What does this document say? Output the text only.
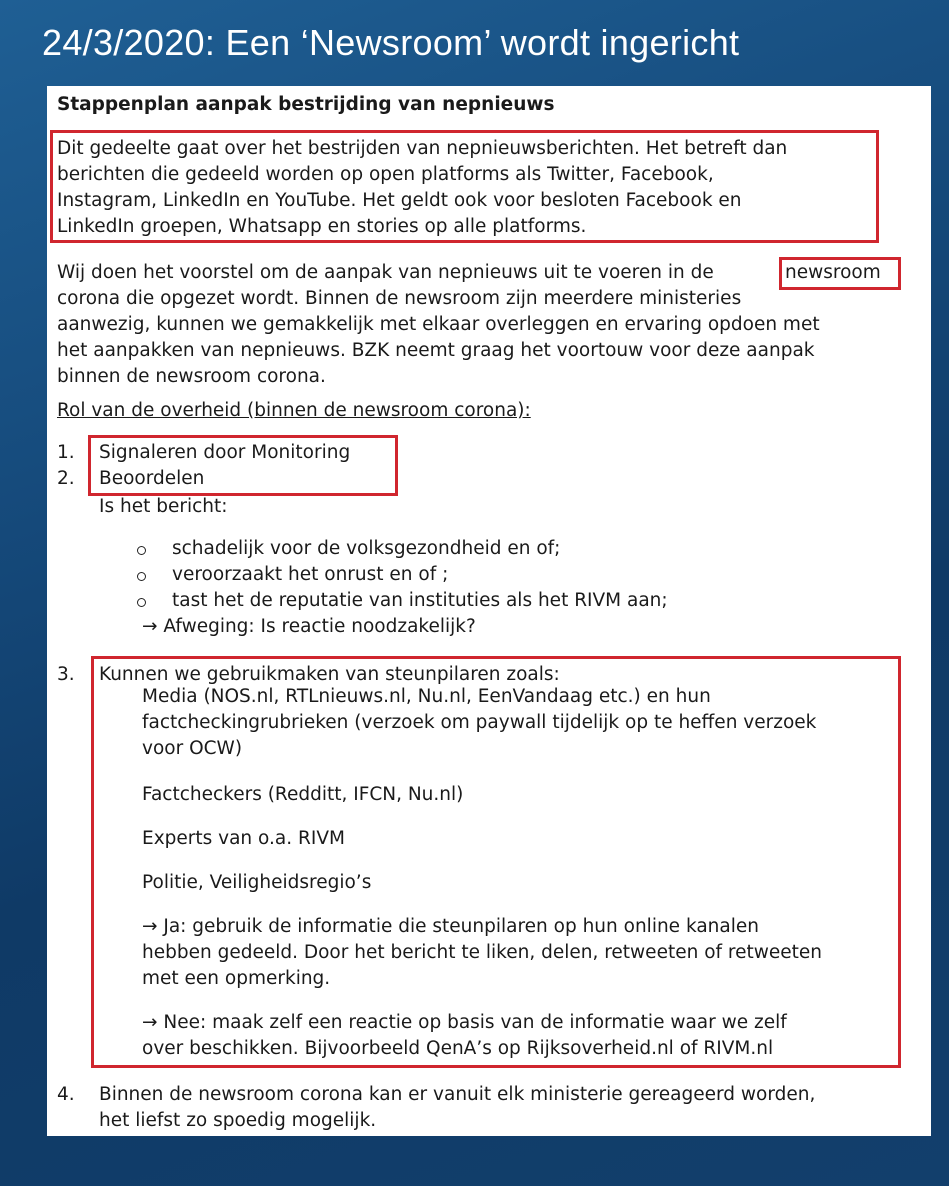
24/3/2020: Een ‘Newsroom’ wordt ingericht
Stappenplan aanpak bestrijding van nepnieuws
Dit gedeelte gaat over het bestrijden van nepnieuwsberichten. Het betreft dan
berichten die gedeeld worden op open platforms als Twitter, Facebook,
Instagram, LinkedIn en YouTube. Het geldt ook voor besloten Facebook en
LinkedIn groepen, Whatsapp en stories op alle platforms.
Wij doen het voorstel om de aanpak van nepnieuws uit te voeren in de	newsroom
corona die opgezet wordt. Binnen de newsroom zijn meerdere ministeries
aanwezig, kunnen we gemakkelijk met elkaar overleggen en ervaring opdoen met
het aanpakken van nepnieuws. BZK neemt graag het voortouw voor deze aanpak
binnen de newsroom corona.
Rol van de overheid (binnen de newsroom corona):
1. Signaleren door Monitoring
2. Beoordelen
Is het bericht:
schadelijk voor de volksgezondheid en of;
veroorzaakt het onrust en of ;
tast het de reputatie van instituties als het RIVM aan;
→ Afweging: Is reactie noodzakelijk?
3. Kunnen we gebruikmaken van steunpilaren zoals:
Media (NOS.nl, RTLnieuws.nl, Nu.nl, EenVandaag etc.) en hun
factcheckingrubrieken (verzoek om paywall tijdelijk op te heffen verzoek
voor OCW)
Factcheckers (Redditt, IFCN, Nu.nl)
Experts van o.a. RIVM
Politie, Veiligheidsregio’s
→ Ja: gebruik de informatie die steunpilaren op hun online kanalen
hebben gedeeld. Door het bericht te liken, delen, retweeten of retweeten
met een opmerking.
→ Nee: maak zelf een reactie op basis van de informatie waar we zelf
over beschikken. Bijvoorbeeld QenA’s op Rijksoverheid.nl of RIVM.nl
4. Binnen de newsroom corona kan er vanuit elk ministerie gereageerd worden,
het liefst zo spoedig mogelijk.
